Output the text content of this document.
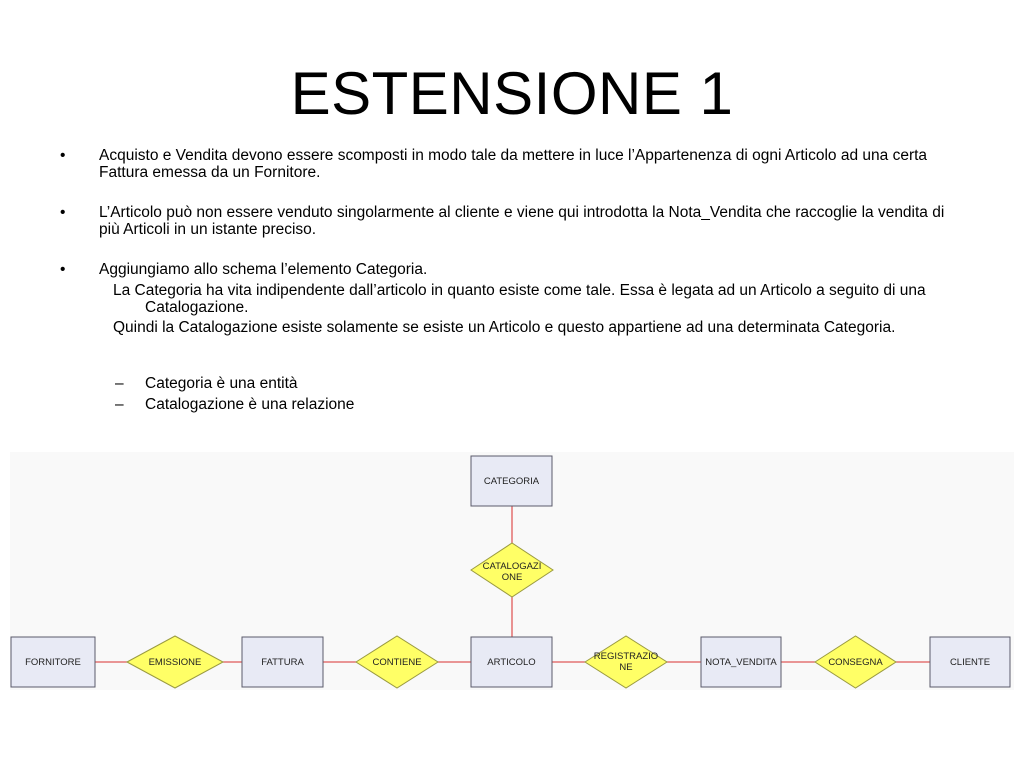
ESTENSIONE 1
• Acquisto e Vendita devono essere scomposti in modo tale da mettere in luce l’Appartenenza di ogni Articolo ad una certa Fattura emessa da un Fornitore.
• L’Articolo può non essere venduto singolarmente al cliente e viene qui introdotta la Nota_Vendita che raccoglie la vendita di più Articoli in un istante preciso.
• Aggiungiamo allo schema l’elemento Categoria.
La Categoria ha vita indipendente dall’articolo in quanto esiste come tale. Essa è legata ad un Articolo a seguito di una Catalogazione.
Quindi la Catalogazione esiste solamente se esiste un Articolo e questo appartiene ad una determinata Categoria.
– Categoria è una entità
– Catalogazione è una relazione
FORNITORE	FATTURA	ARTICOLO	NOTA_VENDITA	CLIENTE
CATEGORIA
EMISSIONE	CONTIENE
REGISTRAZIO
NE	CONSEGNA
CATALOGAZI
ONE
